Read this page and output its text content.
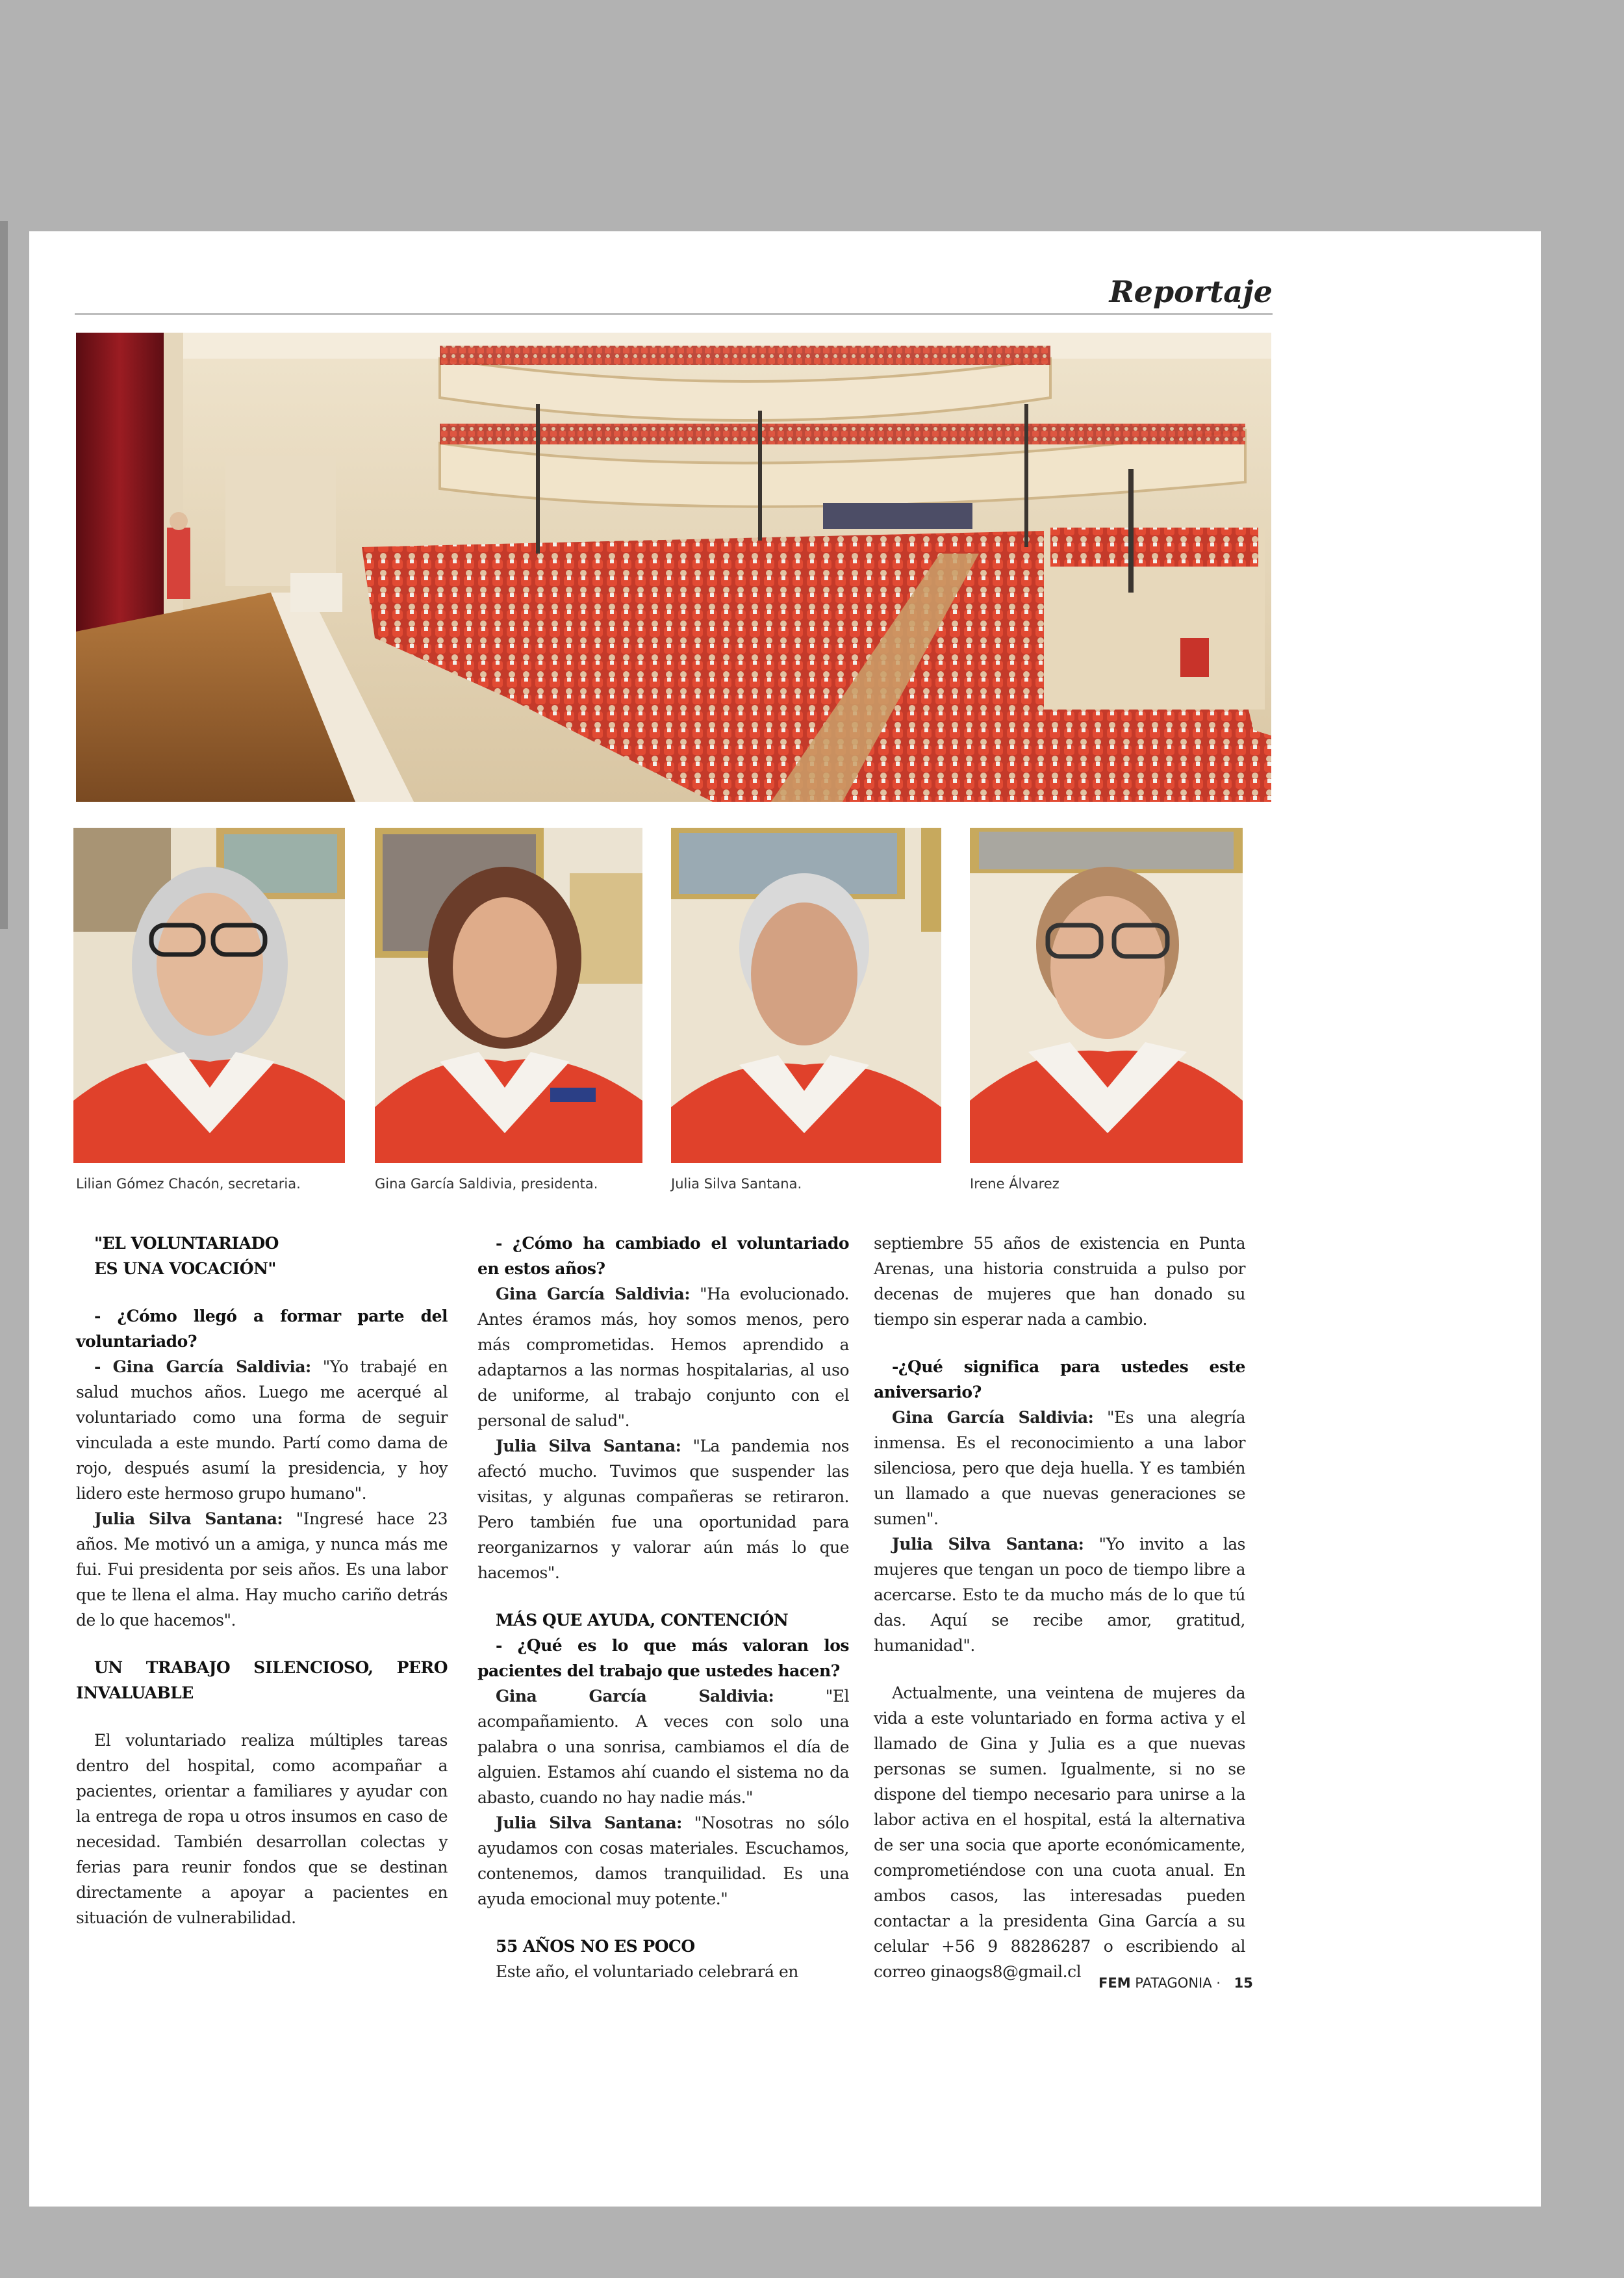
Reportaje
Lilian Gómez Chacón, secretaria.	Gina García Saldivia, presidenta.	Julia Silva Santana.	Irene Álvarez

"EL VOLUNTARIADO

ES UNA VOCACIÓN"

- ¿Cómo llegó a formar parte del voluntariado?

- Gina García Saldivia: "Yo trabajé en salud muchos años. Luego me acerqué al voluntariado como una forma de seguir vinculada a este mundo. Partí como dama de rojo, después asumí la presidencia, y hoy lidero este hermoso grupo humano".

Julia Silva Santana: "Ingresé hace 23 años. Me motivó un a amiga, y nunca más me fui. Fui presidenta por seis años. Es una labor que te llena el alma. Hay mucho cariño detrás de lo que hacemos".

UN TRABAJO SILENCIOSO, PERO INVALUABLE

El voluntariado realiza múltiples tareas dentro del hospital, como acompañar a pacientes, orientar a familiares y ayudar con la entrega de ropa u otros insumos en caso de necesidad. También desarrollan colectas y ferias para reunir fondos que se destinan directamente a apoyar a pacientes en situación de vulnerabilidad.

- ¿Cómo ha cambiado el voluntariado en estos años?

Gina García Saldivia: "Ha evolucionado. Antes éramos más, hoy somos menos, pero más comprometidas. Hemos aprendido a adaptarnos a las normas hospitalarias, al uso de uniforme, al trabajo conjunto con el personal de salud".

Julia Silva Santana: "La pandemia nos afectó mucho. Tuvimos que suspender las visitas, y algunas compañeras se retiraron. Pero también fue una oportunidad para reorganizarnos y valorar aún más lo que hacemos".

MÁS QUE AYUDA, CONTENCIÓN

- ¿Qué es lo que más valoran los pacientes del trabajo que ustedes hacen?

Gina García Saldivia: "El acompañamiento. A veces con solo una palabra o una sonrisa, cambiamos el día de alguien. Estamos ahí cuando el sistema no da abasto, cuando no hay nadie más."

Julia Silva Santana: "Nosotras no sólo ayudamos con cosas materiales. Escuchamos, contenemos, damos tranquilidad. Es una ayuda emocional muy potente."

55 AÑOS NO ES POCO

Este año, el voluntariado celebrará en

septiembre 55 años de existencia en Punta Arenas, una historia construida a pulso por decenas de mujeres que han donado su tiempo sin esperar nada a cambio.

-¿Qué significa para ustedes este aniversario?

Gina García Saldivia: "Es una alegría inmensa. Es el reconocimiento a una labor silenciosa, pero que deja huella. Y es también un llamado a que nuevas generaciones se sumen".

Julia Silva Santana: "Yo invito a las mujeres que tengan un poco de tiempo libre a acercarse. Esto te da mucho más de lo que tú das. Aquí se recibe amor, gratitud, humanidad".

Actualmente, una veintena de mujeres da vida a este voluntariado en forma activa y el llamado de Gina y Julia es a que nuevas personas se sumen. Igualmente, si no se dispone del tiempo necesario para unirse a la labor activa en el hospital, está la alternativa de ser una socia que aporte económicamente, comprometiéndose con una cuota anual. En ambos casos, las interesadas pueden contactar a la presidenta Gina García a su celular +56 9 88286287 o escribiendo al correo ginaogs8@gmail.cl

FEM PATAGONIA · 15
